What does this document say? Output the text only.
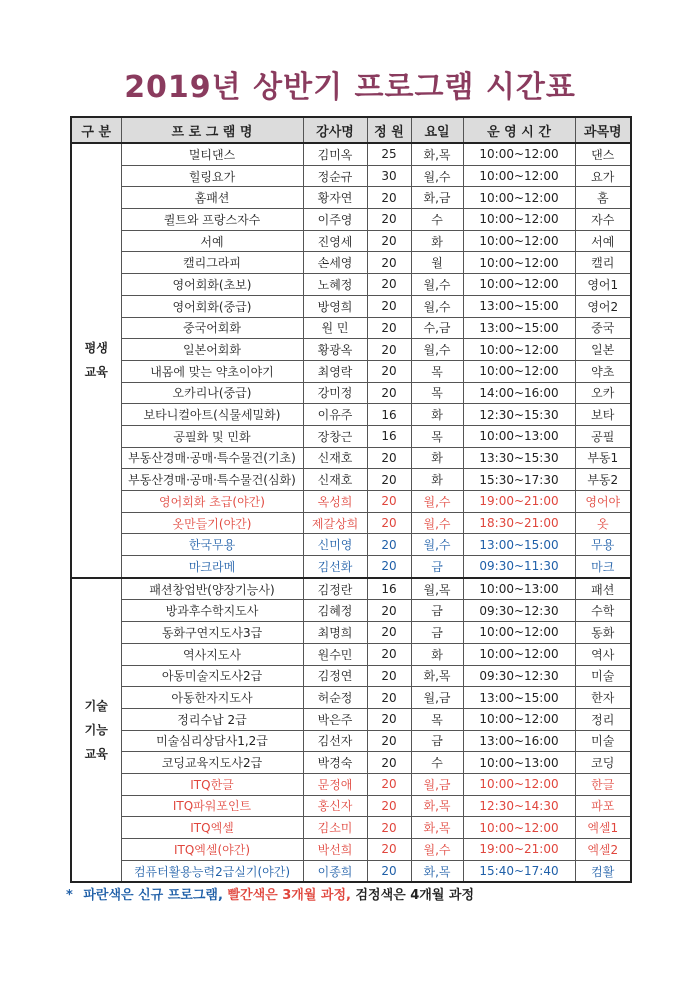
2019년 상반기 프로그램 시간표
구 분	프 로 그 램 명	강사명	정 원	요일	운 영 시 간	과목명
평생
교육	멀티댄스	김미옥	25	화,목	10:00~12:00	댄스
	힐링요가	정순규	30	월,수	10:00~12:00	요가
	홈패션	황자연	20	화,금	10:00~12:00	홈
	퀼트와 프랑스자수	이주영	20	수	10:00~12:00	자수
	서예	진영세	20	화	10:00~12:00	서예
	캘리그라피	손세영	20	월	10:00~12:00	캘리
	영어회화(초보)	노혜정	20	월,수	10:00~12:00	영어1
	영어회화(중급)	방영희	20	월,수	13:00~15:00	영어2
	중국어회화	원 민	20	수,금	13:00~15:00	중국
	일본어회화	황광옥	20	월,수	10:00~12:00	일본
	내몸에 맞는 약초이야기	최영락	20	목	10:00~12:00	약초
	오카리나(중급)	강미정	20	목	14:00~16:00	오카
	보타니컬아트(식물세밀화)	이유주	16	화	12:30~15:30	보타
	공필화 및 민화	장창근	16	목	10:00~13:00	공필
	부동산경매·공매·특수물건(기초)	신재호	20	화	13:30~15:30	부동1
	부동산경매·공매·특수물건(심화)	신재호	20	화	15:30~17:30	부동2
	영어회화 초급(야간)	옥성희	20	월,수	19:00~21:00	영어야
	옷만들기(야간)	제갈상희	20	월,수	18:30~21:00	옷
	한국무용	신미영	20	월,수	13:00~15:00	무용
	마크라메	김선화	20	금	09:30~11:30	마크
기술
기능
교육	패션창업반(양장기능사)	김정란	16	월,목	10:00~13:00	패션
	방과후수학지도사	김혜정	20	금	09:30~12:30	수학
	동화구연지도사3급	최명희	20	금	10:00~12:00	동화
	역사지도사	원수민	20	화	10:00~12:00	역사
	아동미술지도사2급	김정연	20	화,목	09:30~12:30	미술
	아동한자지도사	허순정	20	월,금	13:00~15:00	한자
	정리수납 2급	박은주	20	목	10:00~12:00	정리
	미술심리상담사1,2급	김선자	20	금	13:00~16:00	미술
	코딩교육지도사2급	박경숙	20	수	10:00~13:00	코딩
	ITQ한글	문정애	20	월,금	10:00~12:00	한글
	ITQ파워포인트	홍신자	20	화,목	12:30~14:30	파포
	ITQ엑셀	김소미	20	화,목	10:00~12:00	엑셀1
	ITQ엑셀(야간)	박선희	20	월,수	19:00~21:00	엑셀2
	컴퓨터활용능력2급실기(야간)	이종희	20	화,목	15:40~17:40	컴활
* 파란색은 신규 프로그램, 빨간색은 3개월 과정, 검정색은 4개월 과정
